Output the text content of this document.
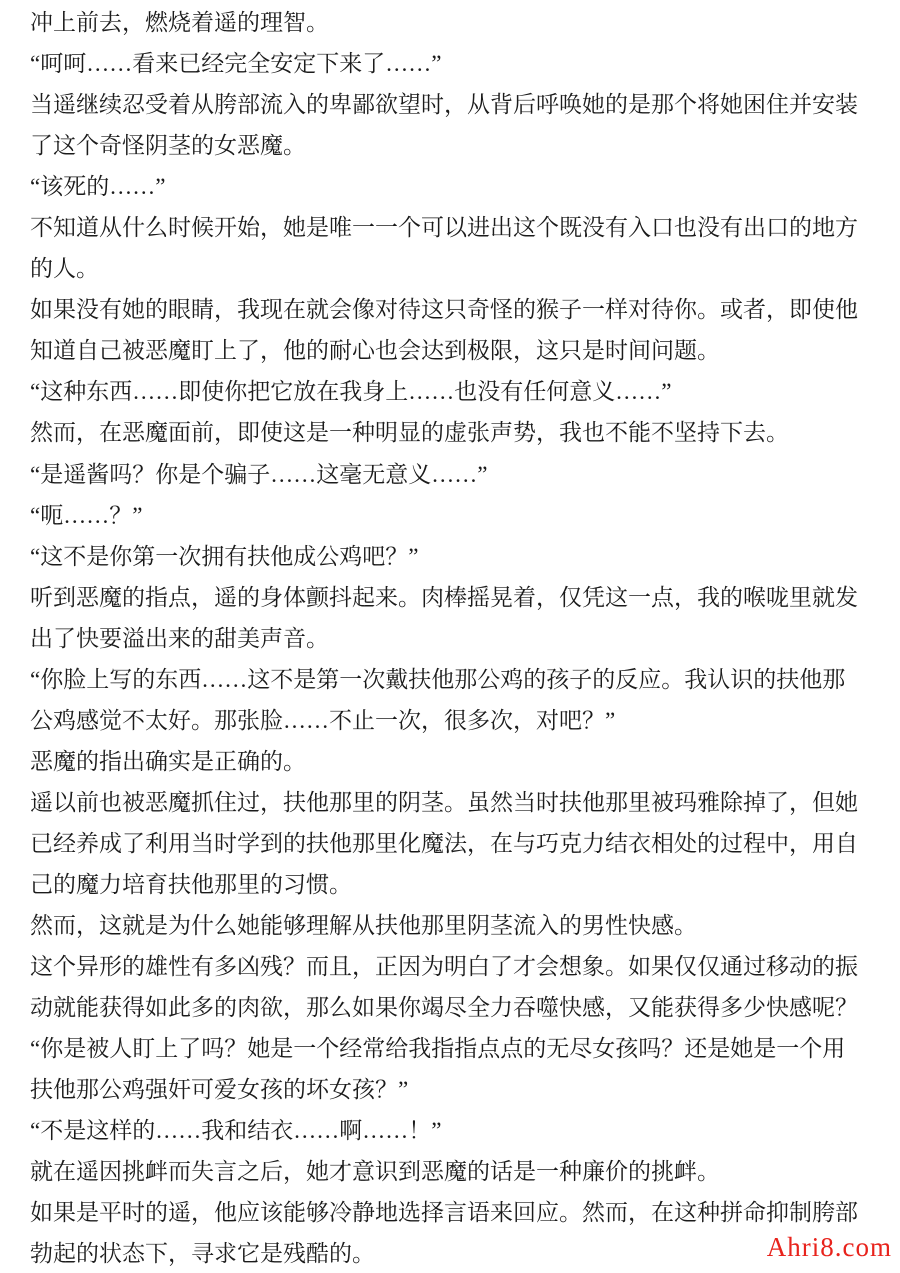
冲上前去，燃烧着遥的理智。
“呵呵……看来已经完全安定下来了……”
当遥继续忍受着从胯部流入的卑鄙欲望时，从背后呼唤她的是那个将她困住并安装
了这个奇怪阴茎的女恶魔。
“该死的……”
不知道从什么时候开始，她是唯一一个可以进出这个既没有入口也没有出口的地方
的人。
如果没有她的眼睛，我现在就会像对待这只奇怪的猴子一样对待你。或者，即使他
知道自己被恶魔盯上了，他的耐心也会达到极限，这只是时间问题。
“这种东西……即使你把它放在我身上……也没有任何意义……”
然而，在恶魔面前，即使这是一种明显的虚张声势，我也不能不坚持下去。
“是遥酱吗？你是个骗子……这毫无意义……”
“呃……？”
“这不是你第一次拥有扶他成公鸡吧？”
听到恶魔的指点，遥的身体颤抖起来。肉棒摇晃着，仅凭这一点，我的喉咙里就发
出了快要溢出来的甜美声音。
“你脸上写的东西……这不是第一次戴扶他那公鸡的孩子的反应。我认识的扶他那
公鸡感觉不太好。那张脸……不止一次，很多次，对吧？”
恶魔的指出确实是正确的。
遥以前也被恶魔抓住过，扶他那里的阴茎。虽然当时扶他那里被玛雅除掉了，但她
已经养成了利用当时学到的扶他那里化魔法，在与巧克力结衣相处的过程中，用自
己的魔力培育扶他那里的习惯。
然而，这就是为什么她能够理解从扶他那里阴茎流入的男性快感。
这个异形的雄性有多凶残？而且，正因为明白了才会想象。如果仅仅通过移动的振
动就能获得如此多的肉欲，那么如果你竭尽全力吞噬快感，又能获得多少快感呢？
“你是被人盯上了吗？她是一个经常给我指指点点的无尽女孩吗？还是她是一个用
扶他那公鸡强奸可爱女孩的坏女孩？”
“不是这样的……我和结衣……啊……！”
就在遥因挑衅而失言之后，她才意识到恶魔的话是一种廉价的挑衅。
如果是平时的遥，他应该能够冷静地选择言语来回应。然而，在这种拼命抑制胯部
勃起的状态下，寻求它是残酷的。	Ahri8.com
